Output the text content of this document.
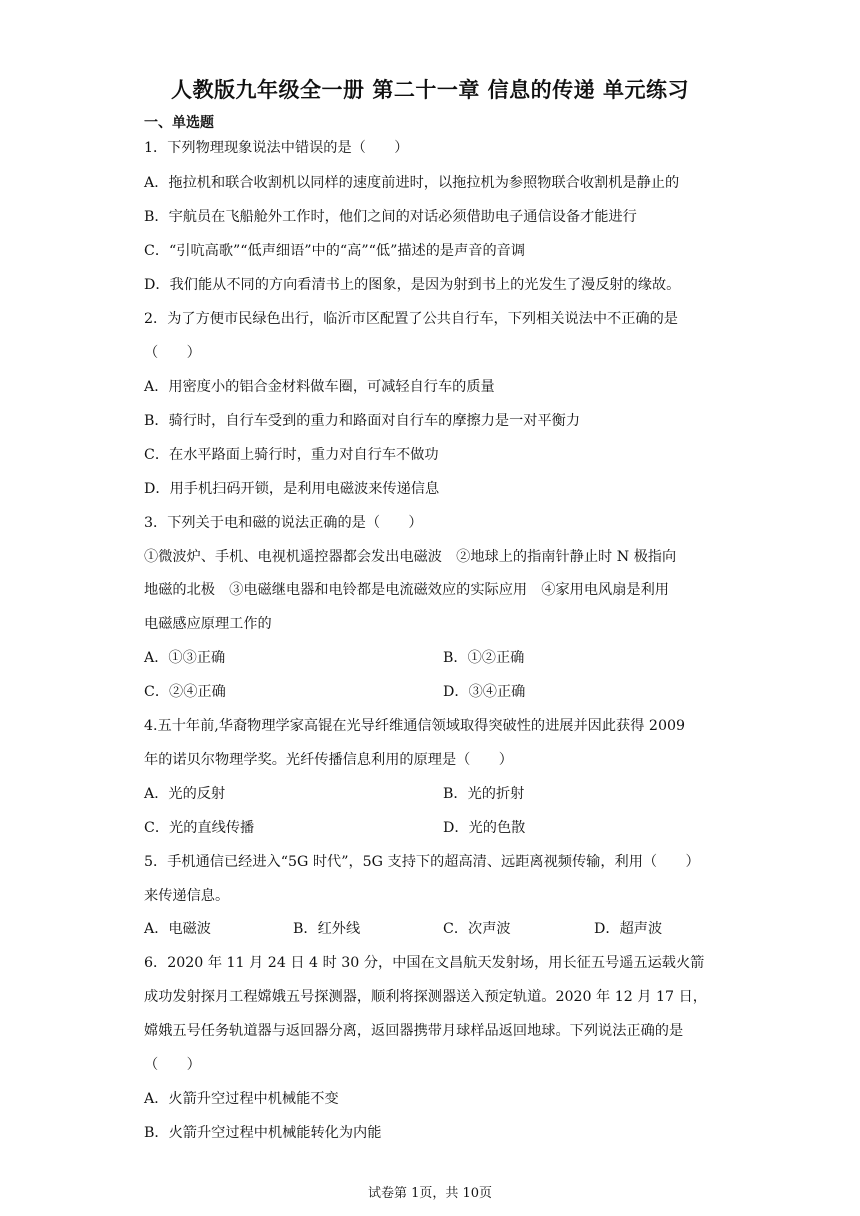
人教版九年级全一册 第二十一章 信息的传递 单元练习
一、单选题
1．下列物理现象说法中错误的是（　　）
A．拖拉机和联合收割机以同样的速度前进时，以拖拉机为参照物联合收割机是静止的
B．宇航员在飞船舱外工作时，他们之间的对话必须借助电子通信设备才能进行
C．“引吭高歌”“低声细语”中的“高”“低”描述的是声音的音调
D．我们能从不同的方向看清书上的图象，是因为射到书上的光发生了漫反射的缘故。
2．为了方便市民绿色出行，临沂市区配置了公共自行车，下列相关说法中不正确的是
（　　）
A．用密度小的铝合金材料做车圈，可减轻自行车的质量
B．骑行时，自行车受到的重力和路面对自行车的摩擦力是一对平衡力
C．在水平路面上骑行时，重力对自行车不做功
D．用手机扫码开锁，是利用电磁波来传递信息
3．下列关于电和磁的说法正确的是（　　）
①微波炉、手机、电视机遥控器都会发出电磁波　②地球上的指南针静止时 N 极指向
地磁的北极　③电磁继电器和电铃都是电流磁效应的实际应用　④家用电风扇是利用
电磁感应原理工作的
A．①③正确	B．①②正确
C．②④正确	D．③④正确
4.五十年前,华裔物理学家高锟在光导纤维通信领域取得突破性的进展并因此获得 2009
年的诺贝尔物理学奖。光纤传播信息利用的原理是（　　）
A．光的反射	B．光的折射
C．光的直线传播	D．光的色散
5．手机通信已经进入“5G 时代”，5G 支持下的超高清、远距离视频传输，利用（　　）
来传递信息。
A．电磁波	B．红外线	C．次声波	D．超声波
6．2020 年 11 月 24 日 4 时 30 分，中国在文昌航天发射场，用长征五号遥五运载火箭
成功发射探月工程嫦娥五号探测器，顺利将探测器送入预定轨道。2020 年 12 月 17 日，
嫦娥五号任务轨道器与返回器分离，返回器携带月球样品返回地球。下列说法正确的是
（　　）
A．火箭升空过程中机械能不变
B．火箭升空过程中机械能转化为内能
试卷第 1页，共 10页
